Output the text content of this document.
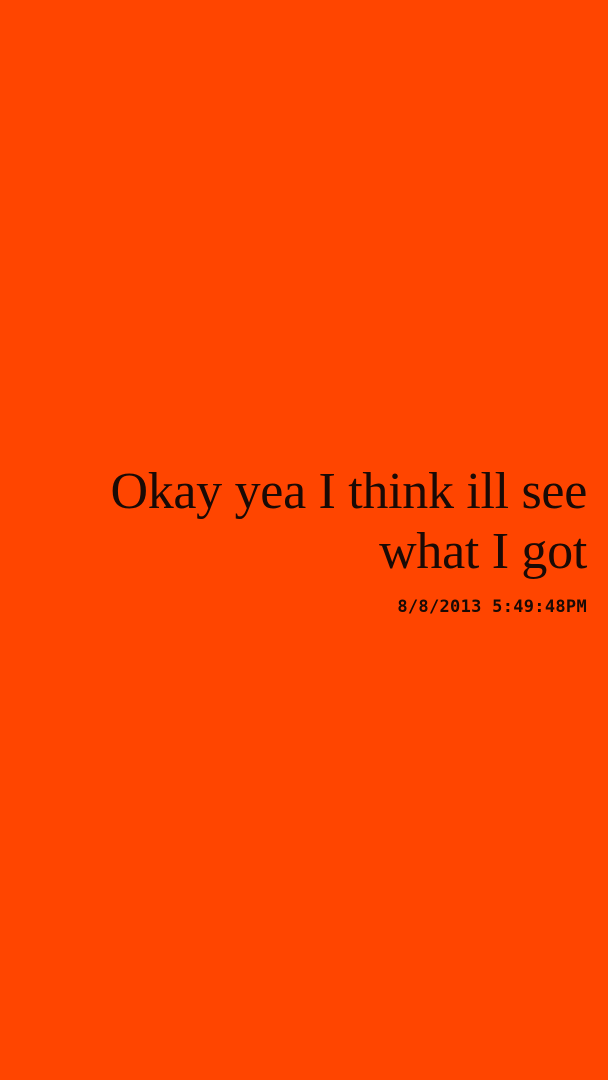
Okay yea I think ill see what I got

8/8/2013 5:49:48PM
